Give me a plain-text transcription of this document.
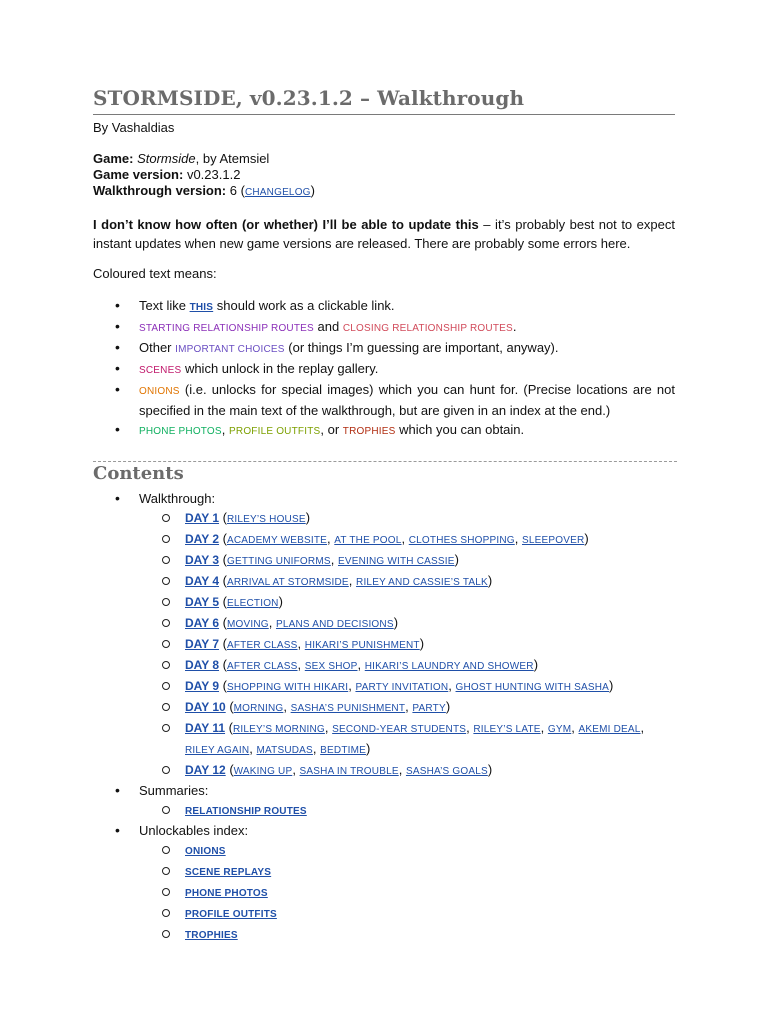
STORMSIDE, v0.23.1.2 – Walkthrough
By Vashaldias
Game: Stormside, by Atemsiel
Game version: v0.23.1.2
Walkthrough version: 6 (CHANGELOG)

I don’t know how often (or whether) I’ll be able to update this – it’s probably best not to expect instant updates when new game versions are released. There are probably some errors here.

Coloured text means:
• Text like THIS should work as a clickable link.
• STARTING RELATIONSHIP ROUTES and CLOSING RELATIONSHIP ROUTES.
• Other IMPORTANT CHOICES (or things I’m guessing are important, anyway).
• SCENES which unlock in the replay gallery.
• ONIONS (i.e. unlocks for special images) which you can hunt for. (Precise locations are not specified in the main text of the walkthrough, but are given in an index at the end.)
• PHONE PHOTOS, PROFILE OUTFITS, or TROPHIES which you can obtain.
Contents
• Walkthrough:
DAY 1 (RILEY’S HOUSE)
DAY 2 (ACADEMY WEBSITE, AT THE POOL, CLOTHES SHOPPING, SLEEPOVER)
DAY 3 (GETTING UNIFORMS, EVENING WITH CASSIE)
DAY 4 (ARRIVAL AT STORMSIDE, RILEY AND CASSIE’S TALK)
DAY 5 (ELECTION)
DAY 6 (MOVING, PLANS AND DECISIONS)
DAY 7 (AFTER CLASS, HIKARI’S PUNISHMENT)
DAY 8 (AFTER CLASS, SEX SHOP, HIKARI’S LAUNDRY AND SHOWER)
DAY 9 (SHOPPING WITH HIKARI, PARTY INVITATION, GHOST HUNTING WITH SASHA)
DAY 10 (MORNING, SASHA’S PUNISHMENT, PARTY)
DAY 11 (RILEY’S MORNING, SECOND-YEAR STUDENTS, RILEY’S LATE, GYM, AKEMI DEAL, RILEY AGAIN, MATSUDAS, BEDTIME)
DAY 12 (WAKING UP, SASHA IN TROUBLE, SASHA’S GOALS)
• Summaries:
RELATIONSHIP ROUTES
• Unlockables index:
ONIONS
SCENE REPLAYS
PHONE PHOTOS
PROFILE OUTFITS
TROPHIES
